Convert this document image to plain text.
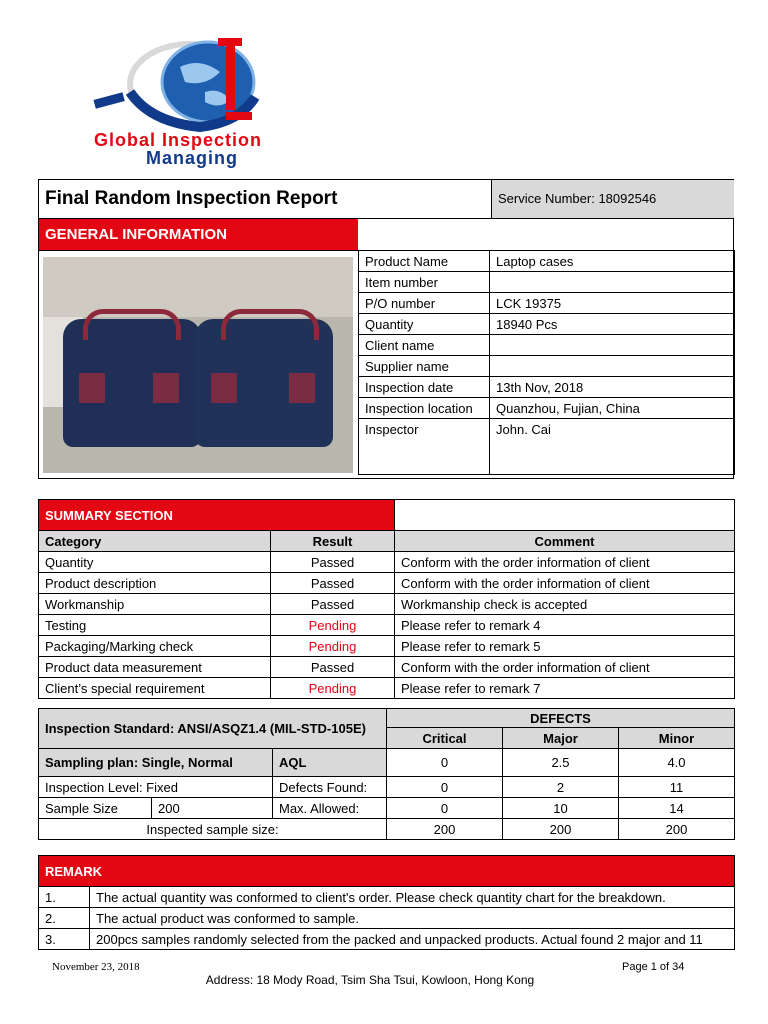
Global Inspection
Managing
Final Random Inspection Report	Service Number: 18092546
GENERAL INFORMATION
Product Name	Laptop cases
Item number	
P/O number	LCK 19375
Quantity	18940 Pcs
Client name	
Supplier name	
Inspection date	13th Nov, 2018
Inspection location	Quanzhou, Fujian, China
Inspector	John. Cai
SUMMARY SECTION		
Category	Result	Comment
Quantity	Passed	Conform with the order information of client
Product description	Passed	Conform with the order information of client
Workmanship	Passed	Workmanship check is accepted
Testing	Pending	Please refer to remark 4
Packaging/Marking check	Pending	Please refer to remark 5
Product data measurement	Passed	Conform with the order information of client
Client’s special requirement	Pending	Please refer to remark 7
Inspection Standard: ANSI/ASQZ1.4 (MIL-STD-105E)			DEFECTS		
			Critical	Major	Minor
Sampling plan: Single, Normal		AQL	0	2.5	4.0
Inspection Level: Fixed		Defects Found:	0	2	11
Sample Size	200	Max. Allowed:	0	10	14
Inspected sample size:			200	200	200
REMARK	
1.	The actual quantity was conformed to client's order. Please check quantity chart for the breakdown.
2.	The actual product was conformed to sample.
3.	200pcs samples randomly selected from the packed and unpacked products. Actual found 2 major and 11
November 23, 2018	Page 1 of 34
Address: 18 Mody Road, Tsim Sha Tsui, Kowloon, Hong Kong
